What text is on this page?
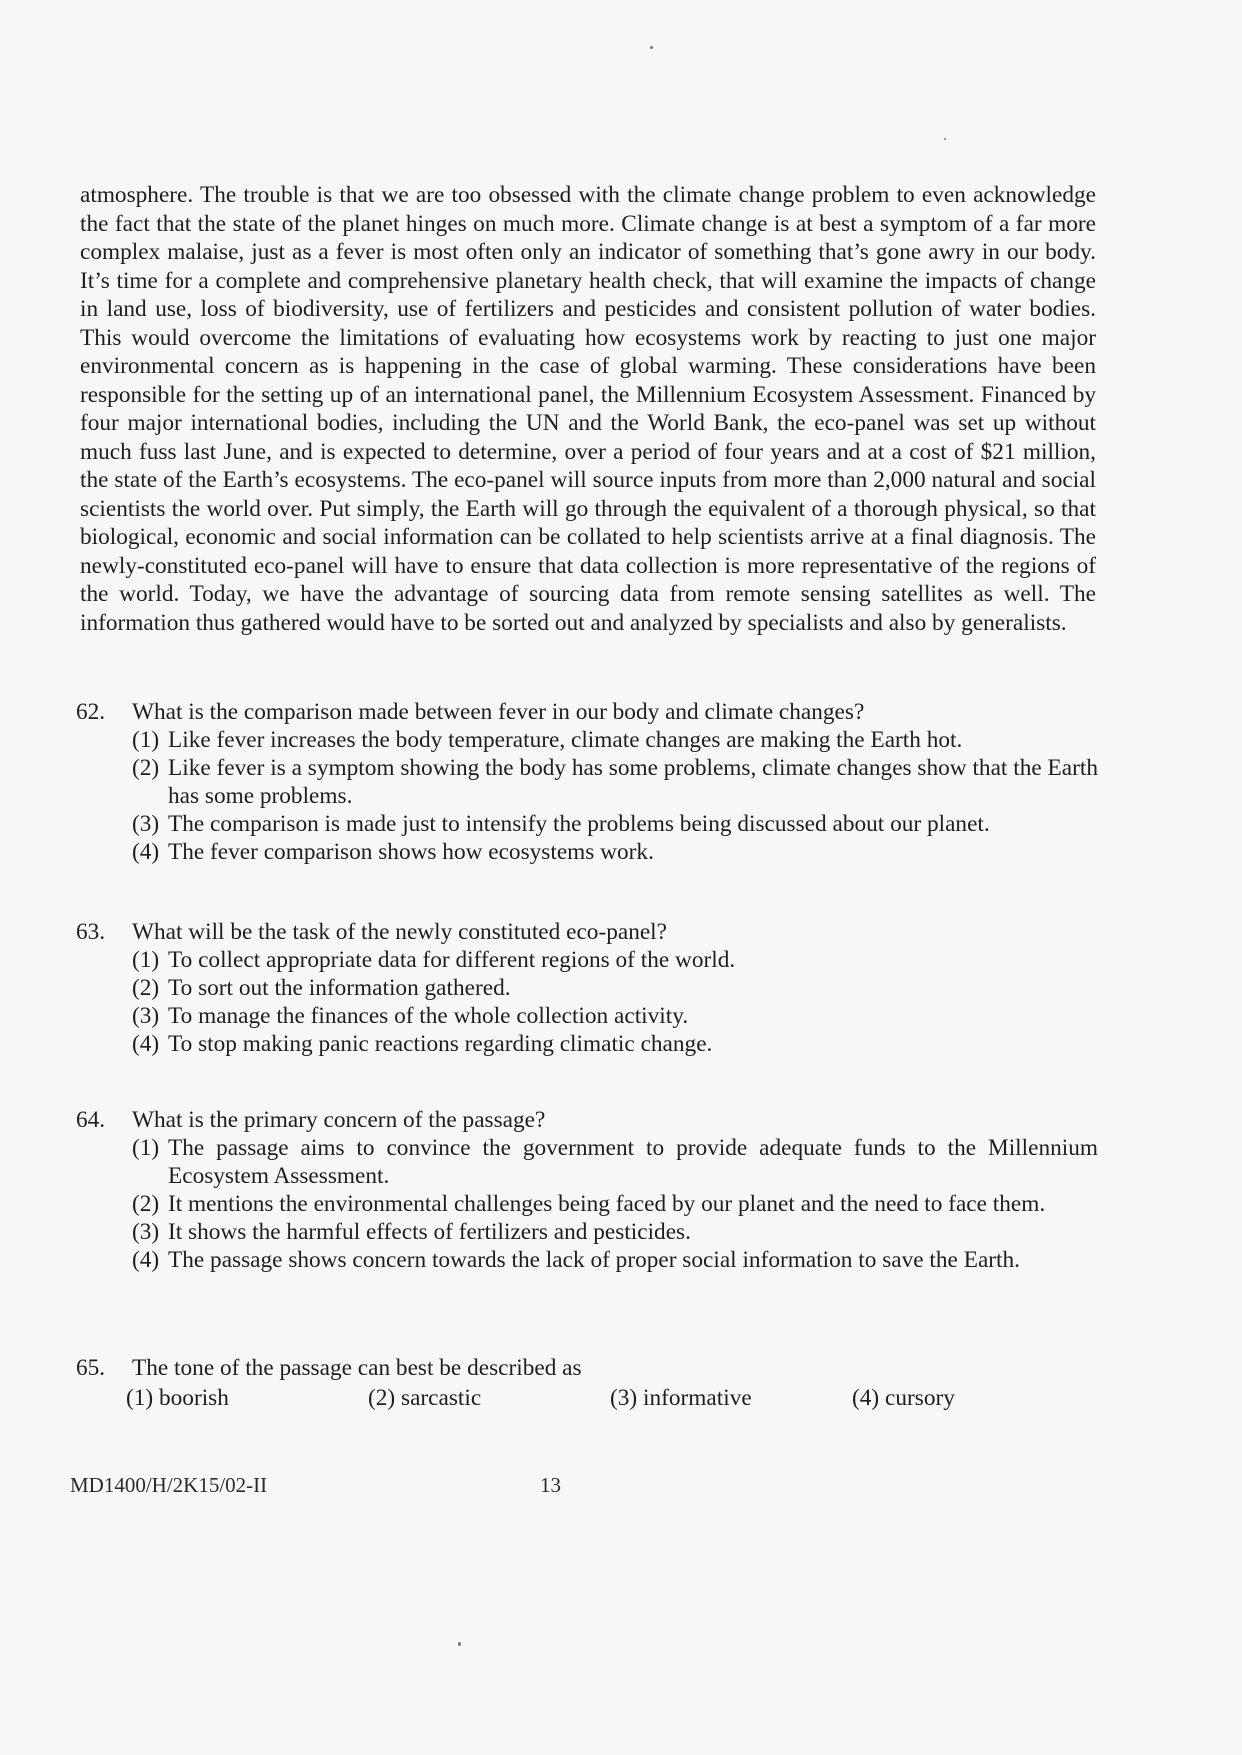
atmosphere. The trouble is that we are too obsessed with the climate change problem to even acknowledge the fact that the state of the planet hinges on much more. Climate change is at best a symptom of a far more complex malaise, just as a fever is most often only an indicator of something that’s gone awry in our body. It’s time for a complete and comprehensive planetary health check, that will examine the impacts of change in land use, loss of biodiversity, use of fertilizers and pesticides and consistent pollution of water bodies. This would overcome the limitations of evaluating how ecosystems work by reacting to just one major environmental concern as is happening in the case of global warming. These considerations have been responsible for the setting up of an international panel, the Millennium Ecosystem Assessment. Financed by four major international bodies, including the UN and the World Bank, the eco-panel was set up without much fuss last June, and is expected to determine, over a period of four years and at a cost of $21 million, the state of the Earth’s ecosystems. The eco-panel will source inputs from more than 2,000 natural and social scientists the world over. Put simply, the Earth will go through the equivalent of a thorough physical, so that biological, economic and social information can be collated to help scientists arrive at a final diagnosis. The newly-constituted eco-panel will have to ensure that data collection is more representative of the regions of the world. Today, we have the advantage of sourcing data from remote sensing satellites as well. The information thus gathered would have to be sorted out and analyzed by specialists and also by generalists.

62.	What is the comparison made between fever in our body and climate changes?
(1) Like fever increases the body temperature, climate changes are making the Earth hot.
(2) Like fever is a symptom showing the body has some problems, climate changes show that the Earth has some problems.
(3) The comparison is made just to intensify the problems being discussed about our planet.
(4) The fever comparison shows how ecosystems work.
63.	What will be the task of the newly constituted eco-panel?
(1) To collect appropriate data for different regions of the world.
(2) To sort out the information gathered.
(3) To manage the finances of the whole collection activity.
(4) To stop making panic reactions regarding climatic change.
64.	What is the primary concern of the passage?
(1) The passage aims to convince the government to provide adequate funds to the Millennium Ecosystem Assessment.
(2) It mentions the environmental challenges being faced by our planet and the need to face them.
(3) It shows the harmful effects of fertilizers and pesticides.
(4) The passage shows concern towards the lack of proper social information to save the Earth.
65.	The tone of the passage can best be described as
(1) boorish	(2) sarcastic	(3) informative	(4) cursory
MD1400/H/2K15/02-II	13
